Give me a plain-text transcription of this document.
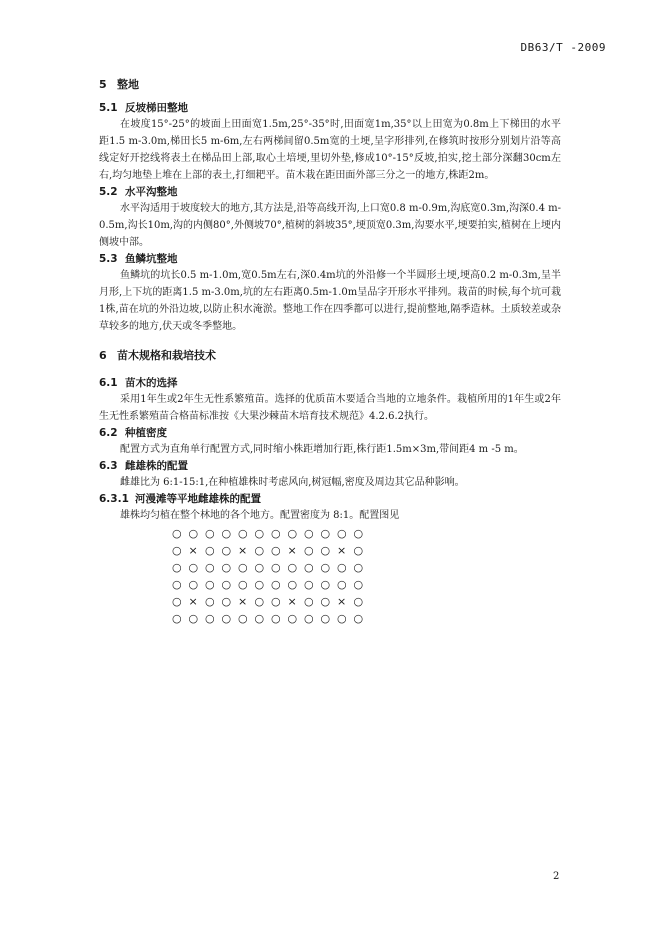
DB63/T -2009
5 整地
5.1 反坡梯田整地

在坡度15°-25°的坡面上田面宽1.5m,25°-35°时,田面宽1m,35°以上田宽为0.8m上下梯田的水平距1.5 m-3.0m,梯田长5 m-6m,左右两梯间留0.5m宽的土埂,呈字形排列,在修筑时按形分别划片沿等高线定好开挖线将表土在梯品田上部,取心土培埂,里切外垫,修成10°-15°反坡,拍实,挖土部分深翻30cm左右,均匀地垫上堆在上部的表土,打细耙平。苗木栽在距田面外部三分之一的地方,株距2m。

5.2 水平沟整地

水平沟适用于坡度较大的地方,其方法是,沿等高线开沟,上口宽0.8 m-0.9m,沟底宽0.3m,沟深0.4 m-0.5m,沟长10m,沟的内侧80°,外侧坡70°,植树的斜坡35°,埂顶宽0.3m,沟要水平,埂要拍实,植树在上埂内侧坡中部。

5.3 鱼鳞坑整地

鱼鳞坑的坑长0.5 m-1.0m,宽0.5m左右,深0.4m坑的外沿修一个半圆形土埂,埂高0.2 m-0.3m,呈半月形,上下坑的距离1.5 m-3.0m,坑的左右距离0.5m-1.0m呈品字开形水平排列。栽苗的时候,每个坑可栽1株,苗在坑的外沿边坡,以防止积水淹淤。整地工作在四季都可以进行,提前整地,隔季造林。土质较差或杂草较多的地方,伏天或冬季整地。

6 苗木规格和栽培技术
6.1 苗木的选择

采用1年生或2年生无性系繁殖苗。选择的优质苗木要适合当地的立地条件。栽植所用的1年生或2年生无性系繁殖苗合格苗标准按《大果沙棘苗木培育技术规范》4.2.6.2执行。

6.2 种植密度

配置方式为直角单行配置方式,同时缩小株距增加行距,株行距1.5m×3m,带间距4 m -5 m。

6.3 雌雄株的配置

雌雄比为 6:1-15:1,在种植雄株时考虑风向,树冠幅,密度及周边其它品种影响。

6.3.1 河漫滩等平地雌雄株的配置

雄株均匀植在整个林地的各个地方。配置密度为 8:1。配置图见

○ ○ ○ ○ ○ ○ ○ ○ ○ ○ ○ ○
○ × ○ ○ × ○ ○ × ○ ○ × ○
○ ○ ○ ○ ○ ○ ○ ○ ○ ○ ○ ○
○ ○ ○ ○ ○ ○ ○ ○ ○ ○ ○ ○
○ × ○ ○ × ○ ○ × ○ ○ × ○
○ ○ ○ ○ ○ ○ ○ ○ ○ ○ ○ ○
2
